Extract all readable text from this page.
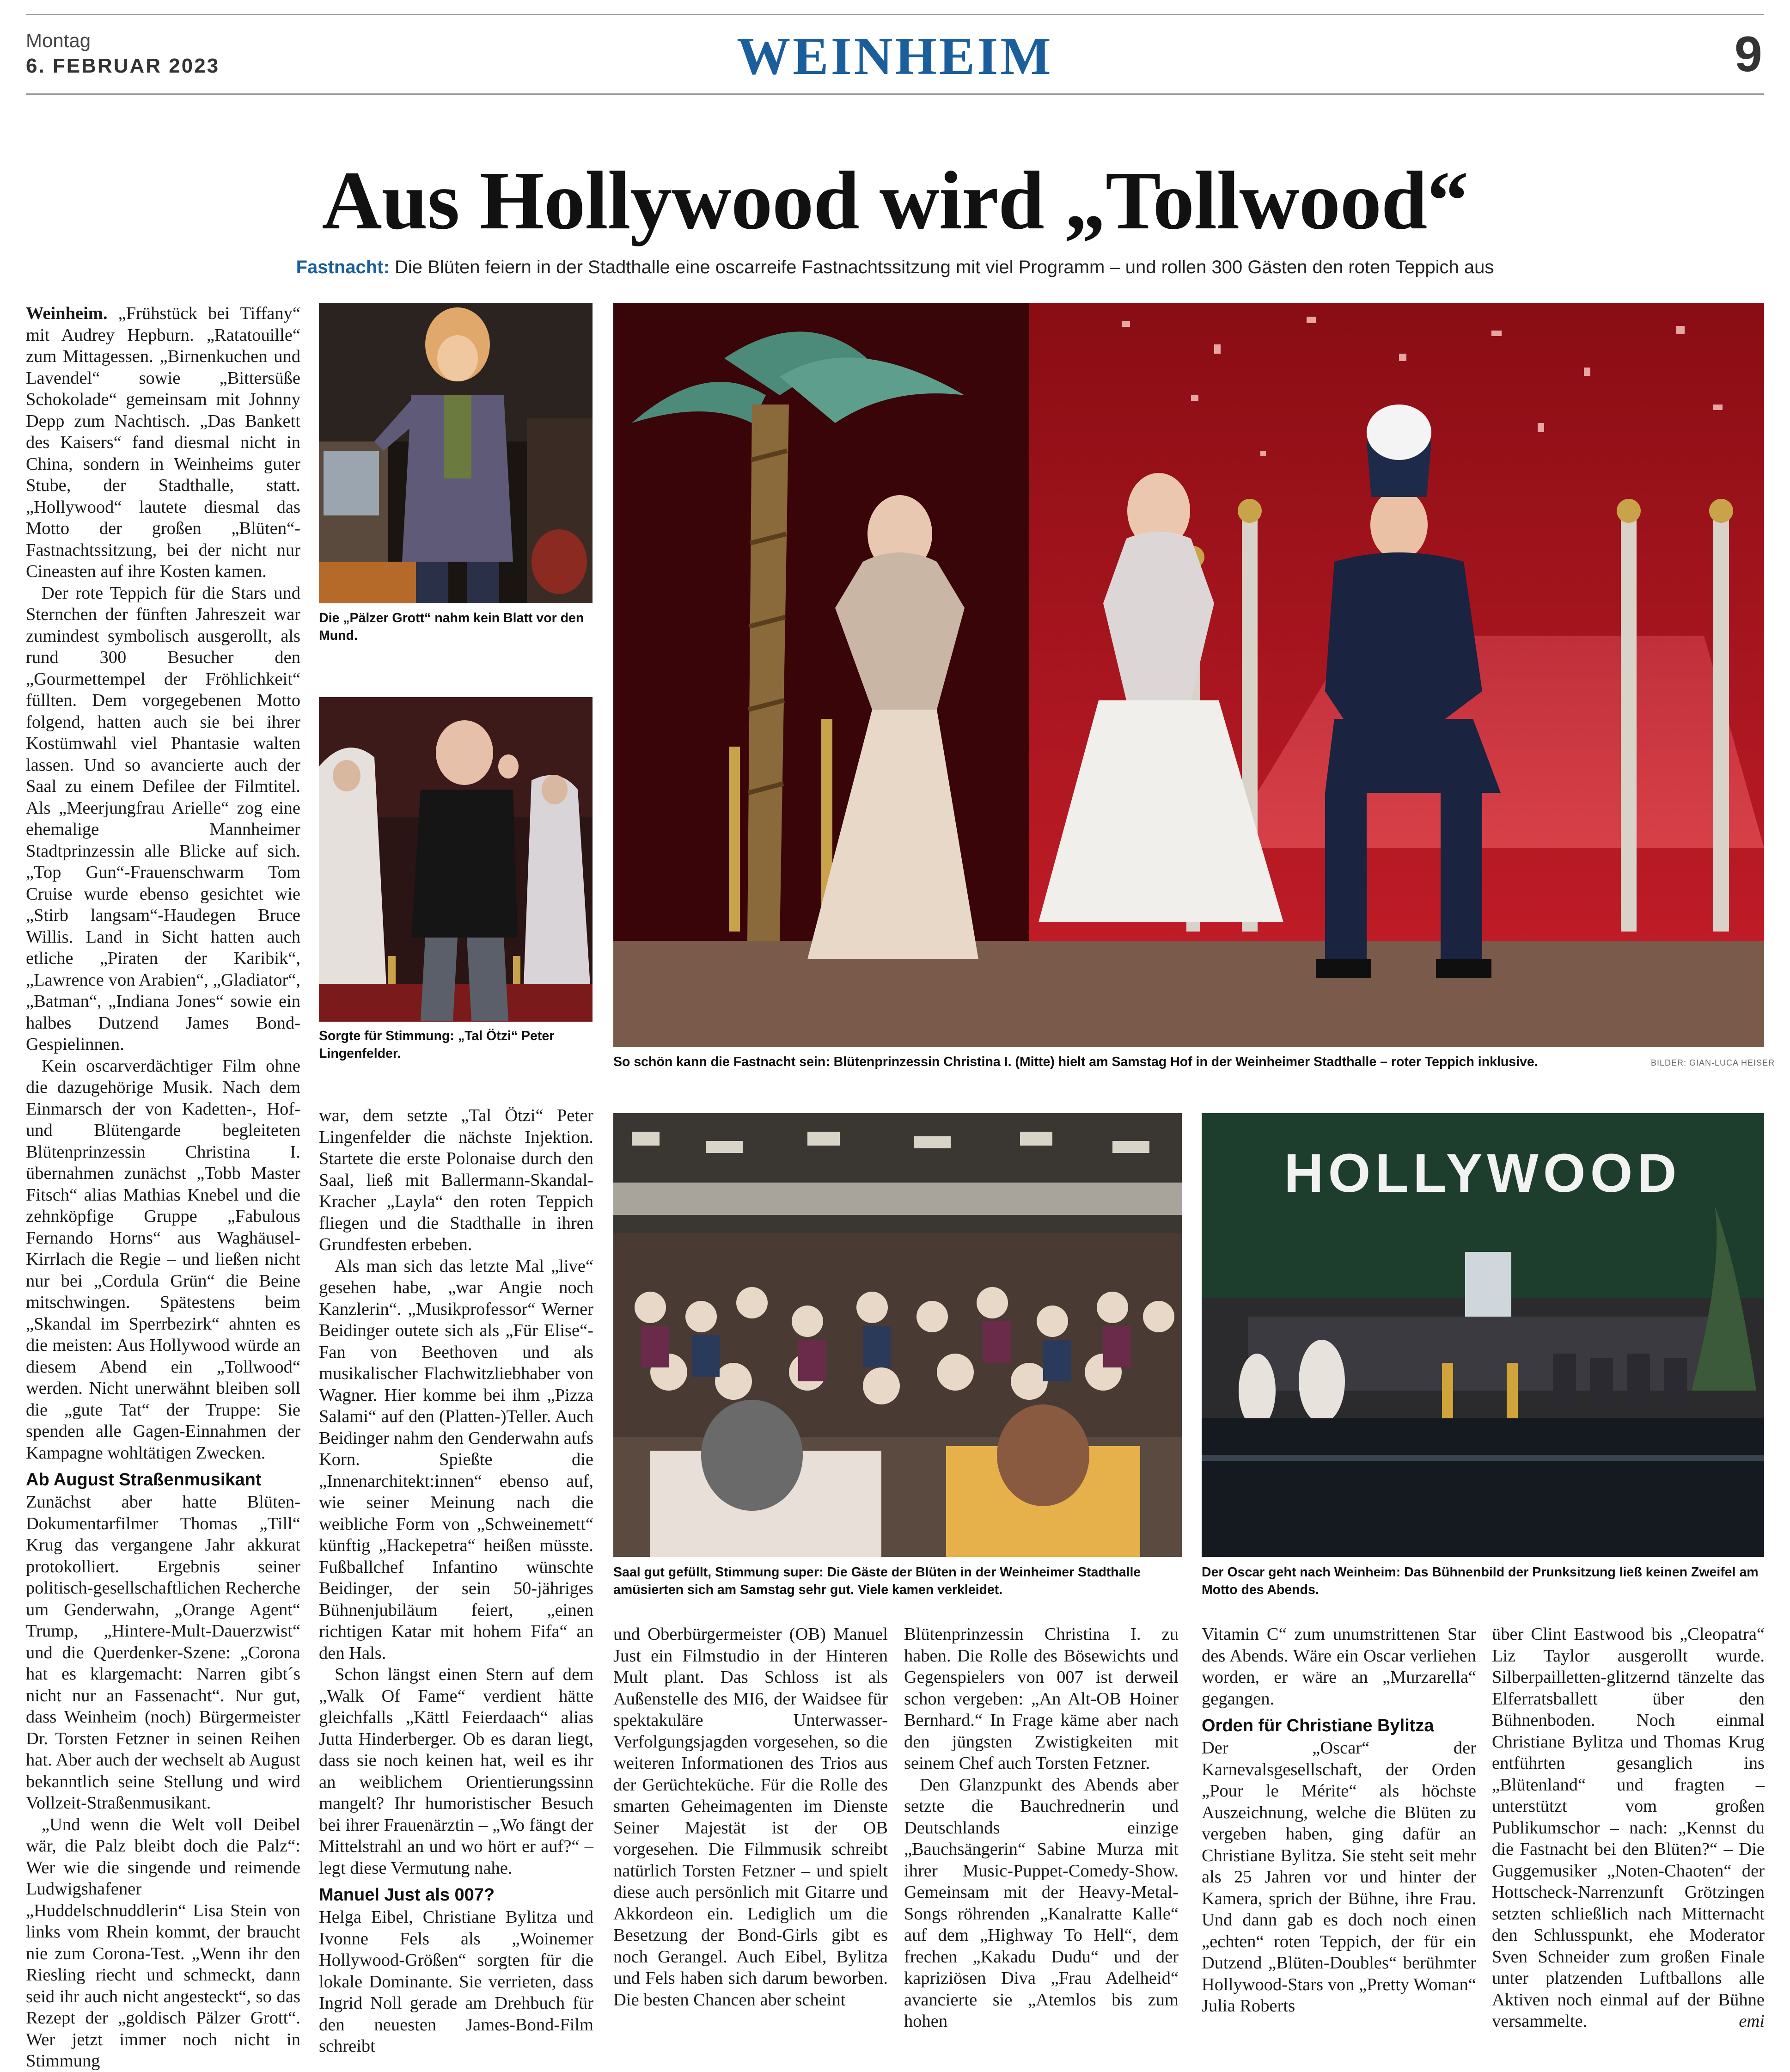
Montag
6. FEBRUAR 2023	WEINHEIM	9
Aus Hollywood wird „Tollwood“
Fastnacht: Die Blüten feiern in der Stadthalle eine oscarreife Fastnachtssitzung mit viel Programm – und rollen 300 Gästen den roten Teppich aus
Die „Pälzer Grott“ nahm kein Blatt vor den Mund.
Sorgte für Stimmung: „Tal Ötzi“ Peter Lingenfelder.
So schön kann die Fastnacht sein: Blütenprinzessin Christina I. (Mitte) hielt am Samstag Hof in der Weinheimer Stadthalle – roter Teppich inklusive.	BILDER: GIAN-LUCA HEISER
Saal gut gefüllt, Stimmung super: Die Gäste der Blüten in der Weinheimer Stadthalle amüsierten sich am Samstag sehr gut. Viele kamen verkleidet.
HOLLYWOOD
Der Oscar geht nach Weinheim: Das Bühnenbild der Prunksitzung ließ keinen Zweifel am Motto des Abends.

Weinheim. „Frühstück bei Tiffany“ mit Audrey Hepburn. „Ratatouille“ zum Mittagessen. „Birnenkuchen und Lavendel“ sowie „Bittersüße Schokolade“ gemeinsam mit Johnny Depp zum Nachtisch. „Das Bankett des Kaisers“ fand diesmal nicht in China, sondern in Weinheims guter Stube, der Stadthalle, statt. „Hollywood“ lautete diesmal das Motto der großen „Blüten“-Fastnachtssitzung, bei der nicht nur Cineasten auf ihre Kosten kamen.

Der rote Teppich für die Stars und Sternchen der fünften Jahreszeit war zumindest symbolisch ausgerollt, als rund 300 Besucher den „Gourmettempel der Fröhlichkeit“ füllten. Dem vorgegebenen Motto folgend, hatten auch sie bei ihrer Kostümwahl viel Phantasie walten lassen. Und so avancierte auch der Saal zu einem Defilee der Filmtitel. Als „Meerjungfrau Arielle“ zog eine ehemalige Mannheimer Stadtprinzessin alle Blicke auf sich. „Top Gun“-Frauenschwarm Tom Cruise wurde ebenso gesichtet wie „Stirb langsam“-Haudegen Bruce Willis. Land in Sicht hatten auch etliche „Piraten der Karibik“, „Lawrence von Arabien“, „Gladiator“, „Batman“, „Indiana Jones“ sowie ein halbes Dutzend James Bond-Gespielinnen.

Kein oscarverdächtiger Film ohne die dazugehörige Musik. Nach dem Einmarsch der von Kadetten-, Hof- und Blütengarde begleiteten Blütenprinzessin Christina I. übernahmen zunächst „Tobb Master Fitsch“ alias Mathias Knebel und die zehnköpfige Gruppe „Fabulous Fernando Horns“ aus Waghäusel-Kirrlach die Regie – und ließen nicht nur bei „Cordula Grün“ die Beine mitschwingen. Spätestens beim „Skandal im Sperrbezirk“ ahnten es die meisten: Aus Hollywood würde an diesem Abend ein „Tollwood“ werden. Nicht unerwähnt bleiben soll die „gute Tat“ der Truppe: Sie spenden alle Gagen-Einnahmen der Kampagne wohltätigen Zwecken.

Ab August Straßenmusikant

Zunächst aber hatte Blüten-Dokumentarfilmer Thomas „Till“ Krug das vergangene Jahr akkurat protokolliert. Ergebnis seiner politisch-gesellschaftlichen Recherche um Genderwahn, „Orange Agent“ Trump, „Hintere-Mult-Dauerzwist“ und die Querdenker-Szene: „Corona hat es klargemacht: Narren gibt´s nicht nur an Fassenacht“. Nur gut, dass Weinheim (noch) Bürgermeister Dr. Torsten Fetzner in seinen Reihen hat. Aber auch der wechselt ab August bekanntlich seine Stellung und wird Vollzeit-Straßenmusikant.

„Und wenn die Welt voll Deibel wär, die Palz bleibt doch die Palz“: Wer wie die singende und reimende Ludwigshafener „Huddelschnuddlerin“ Lisa Stein von links vom Rhein kommt, der braucht nie zum Corona-Test. „Wenn ihr den Riesling riecht und schmeckt, dann seid ihr auch nicht angesteckt“, so das Rezept der „goldisch Pälzer Grott“. Wer jetzt immer noch nicht in Stimmung

war, dem setzte „Tal Ötzi“ Peter Lingenfelder die nächste Injektion. Startete die erste Polonaise durch den Saal, ließ mit Ballermann-Skandal-Kracher „Layla“ den roten Teppich fliegen und die Stadthalle in ihren Grundfesten erbeben.

Als man sich das letzte Mal „live“ gesehen habe, „war Angie noch Kanzlerin“. „Musikprofessor“ Werner Beidinger outete sich als „Für Elise“-Fan von Beethoven und als musikalischer Flachwitzliebhaber von Wagner. Hier komme bei ihm „Pizza Salami“ auf den (Platten-)Teller. Auch Beidinger nahm den Genderwahn aufs Korn. Spießte die „Innenarchitekt:innen“ ebenso auf, wie seiner Meinung nach die weibliche Form von „Schweinemett“ künftig „Hackepetra“ heißen müsste. Fußballchef Infantino wünschte Beidinger, der sein 50-jähriges Bühnenjubiläum feiert, „einen richtigen Katar mit hohem Fifa“ an den Hals.

Schon längst einen Stern auf dem „Walk Of Fame“ verdient hätte gleichfalls „Kättl Feierdaach“ alias Jutta Hinderberger. Ob es daran liegt, dass sie noch keinen hat, weil es ihr an weiblichem Orientierungssinn mangelt? Ihr humoristischer Besuch bei ihrer Frauenärztin – „Wo fängt der Mittelstrahl an und wo hört er auf?“ – legt diese Vermutung nahe.

Manuel Just als 007?

Helga Eibel, Christiane Bylitza und Ivonne Fels als „Woinemer Hollywood-Größen“ sorgten für die lokale Dominante. Sie verrieten, dass Ingrid Noll gerade am Drehbuch für den neuesten James-Bond-Film schreibt

und Oberbürgermeister (OB) Manuel Just ein Filmstudio in der Hinteren Mult plant. Das Schloss ist als Außenstelle des MI6, der Waidsee für spektakuläre Unterwasser-Verfolgungsjagden vorgesehen, so die weiteren Informationen des Trios aus der Gerüchteküche. Für die Rolle des smarten Geheimagenten im Dienste Seiner Majestät ist der OB vorgesehen. Die Filmmusik schreibt natürlich Torsten Fetzner – und spielt diese auch persönlich mit Gitarre und Akkordeon ein. Lediglich um die Besetzung der Bond-Girls gibt es noch Gerangel. Auch Eibel, Bylitza und Fels haben sich darum beworben. Die besten Chancen aber scheint

Blütenprinzessin Christina I. zu haben. Die Rolle des Bösewichts und Gegenspielers von 007 ist derweil schon vergeben: „An Alt-OB Hoiner Bernhard.“ In Frage käme aber nach den jüngsten Zwistigkeiten mit seinem Chef auch Torsten Fetzner.

Den Glanzpunkt des Abends aber setzte die Bauchrednerin und Deutschlands einzige „Bauchsängerin“ Sabine Murza mit ihrer Music-Puppet-Comedy-Show. Gemeinsam mit der Heavy-Metal-Songs röhrenden „Kanalratte Kalle“ auf dem „Highway To Hell“, dem frechen „Kakadu Dudu“ und der kapriziösen Diva „Frau Adelheid“ avancierte sie „Atemlos bis zum hohen

Vitamin C“ zum unumstrittenen Star des Abends. Wäre ein Oscar verliehen worden, er wäre an „Murzarella“ gegangen.

Orden für Christiane Bylitza

Der „Oscar“ der Karnevalsgesellschaft, der Orden „Pour le Mérite“ als höchste Auszeichnung, welche die Blüten zu vergeben haben, ging dafür an Christiane Bylitza. Sie steht seit mehr als 25 Jahren vor und hinter der Kamera, sprich der Bühne, ihre Frau. Und dann gab es doch noch einen „echten“ roten Teppich, der für ein Dutzend „Blüten-Doubles“ berühmter Hollywood-Stars von „Pretty Woman“ Julia Roberts

über Clint Eastwood bis „Cleopatra“ Liz Taylor ausgerollt wurde. Silberpailletten-glitzernd tänzelte das Elferratsballett über den Bühnenboden. Noch einmal Christiane Bylitza und Thomas Krug entführten gesanglich ins „Blütenland“ und fragten – unterstützt vom großen Publikumschor – nach: „Kennst du die Fastnacht bei den Blüten?“ – Die Guggemusiker „Noten-Chaoten“ der Hottscheck-Narrenzunft Grötzingen setzten schließlich nach Mitternacht den Schlusspunkt, ehe Moderator Sven Schneider zum großen Finale unter platzenden Luftballons alle Aktiven noch einmal auf der Bühne versammelte.	emi
